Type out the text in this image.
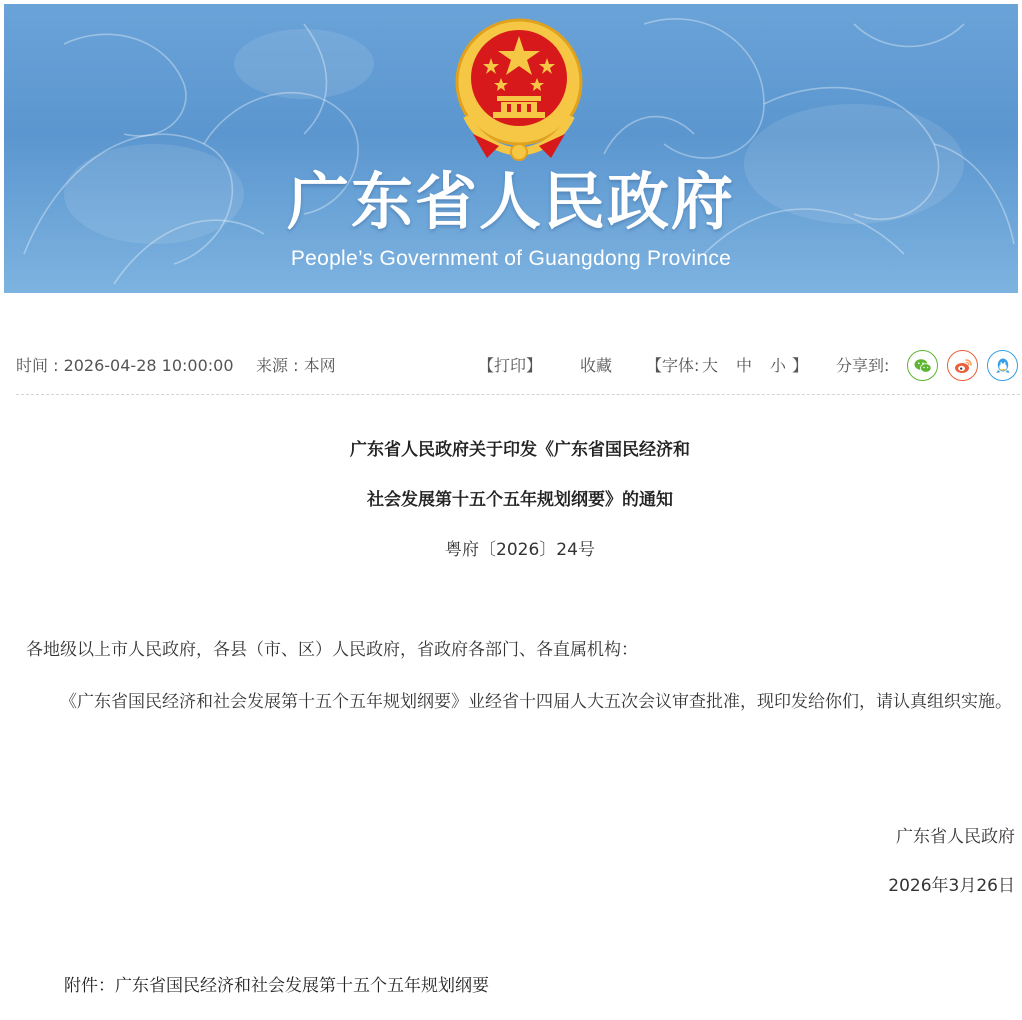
广东省人民政府
People’s Government of Guangdong Province
时间 : 2026-04-28 10:00:00 来源 : 本网	【打印】 收藏 【字体: 大 中 小 】 分享到:
广东省人民政府关于印发《广东省国民经济和
社会发展第十五个五年规划纲要》的通知
粤府〔2026〕24号
各地级以上市人民政府，各县（市、区）人民政府，省政府各部门、各直属机构：
《广东省国民经济和社会发展第十五个五年规划纲要》业经省十四届人大五次会议审查批准，现印发给你们，请认真组织实施。
广东省人民政府
2026年3月26日
附件：广东省国民经济和社会发展第十五个五年规划纲要
